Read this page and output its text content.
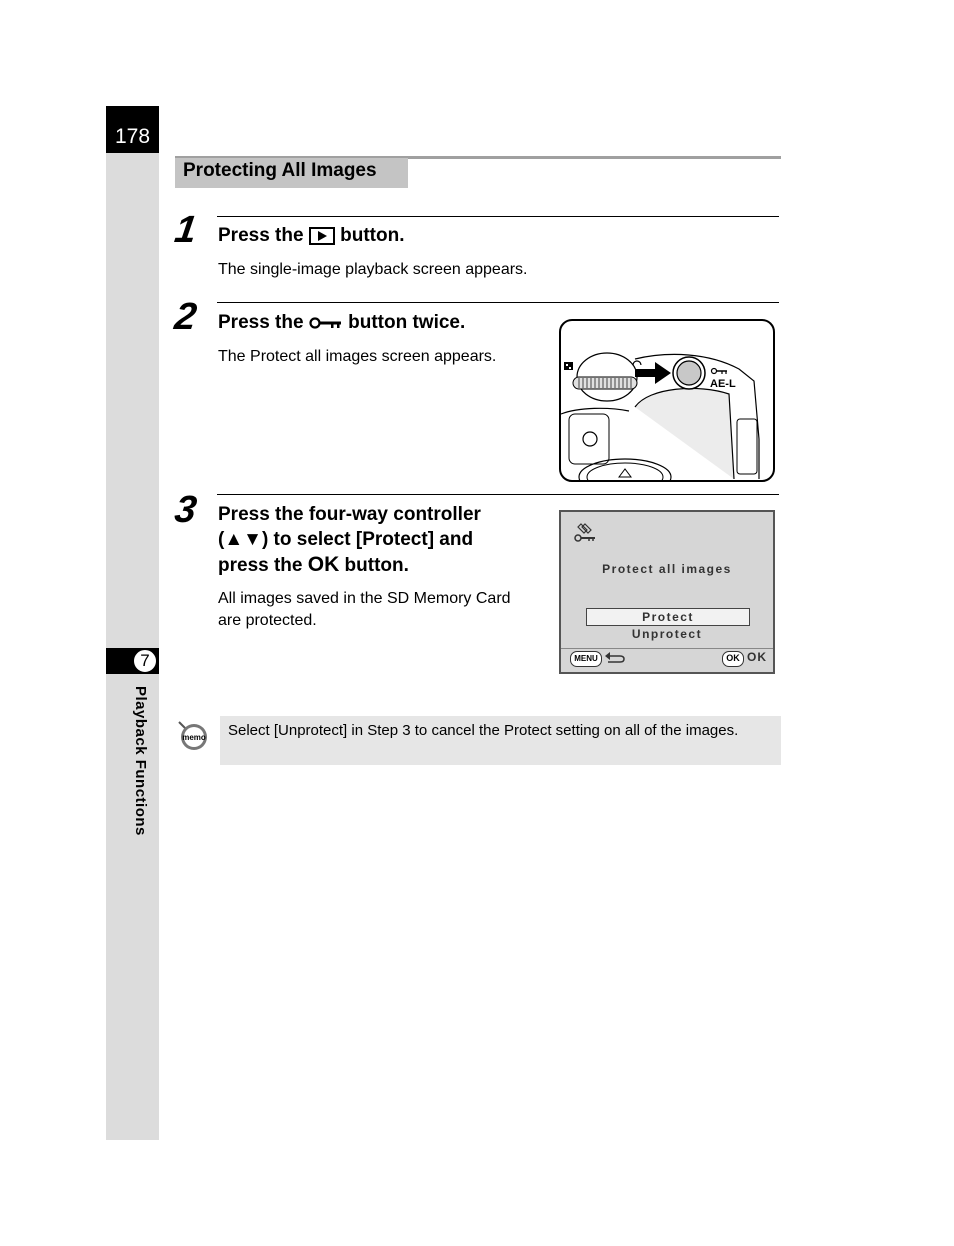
178
7
Playback Functions
Protecting All Images
1 Press the button.
The single-image playback screen appears.
2 Press the button twice.
The Protect all images screen appears.
AE-L
3 Press the four-way controller
(▲▼) to select [Protect] and
press the OK button.
All images saved in the SD Memory Card
are protected.
Protect all images
Protect
Unprotect
MENU	OK OK
memo	Select [Unprotect] in Step 3 to cancel the Protect setting on all of the images.
